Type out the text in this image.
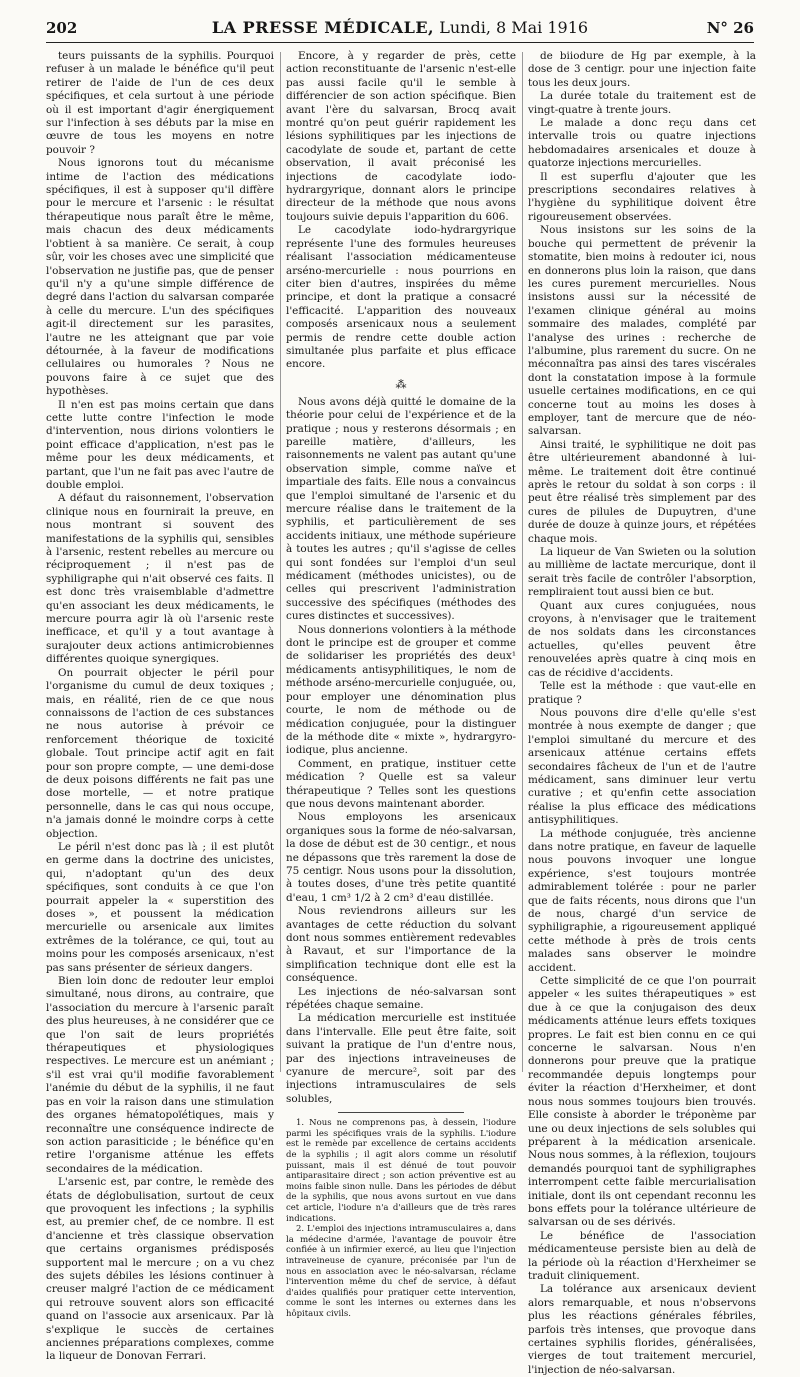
202	LA PRESSE MÉDICALE, Lundi, 8 Mai 1916	N° 26

teurs puissants de la syphilis. Pourquoi refuser à un malade le bénéfice qu'il peut retirer de l'aide de l'un de ces deux spécifiques, et cela surtout à une période où il est important d'agir énergiquement sur l'infection à ses débuts par la mise en œuvre de tous les moyens en notre pouvoir ?

Nous ignorons tout du mécanisme intime de l'action des médications spécifiques, il est à supposer qu'il diffère pour le mercure et l'arsenic : le résultat thérapeutique nous paraît être le même, mais chacun des deux médicaments l'obtient à sa manière. Ce serait, à coup sûr, voir les choses avec une simplicité que l'observation ne justifie pas, que de penser qu'il n'y a qu'une simple différence de degré dans l'action du salvarsan comparée à celle du mercure. L'un des spécifiques agit-il directement sur les parasites, l'autre ne les atteignant que par voie détournée, à la faveur de modifications cellulaires ou humorales ? Nous ne pouvons faire à ce sujet que des hypothèses.

Il n'en est pas moins certain que dans cette lutte contre l'infection le mode d'intervention, nous dirions volontiers le point efficace d'application, n'est pas le même pour les deux médicaments, et partant, que l'un ne fait pas avec l'autre de double emploi.

A défaut du raisonnement, l'observation clinique nous en fournirait la preuve, en nous montrant si souvent des manifestations de la syphilis qui, sensibles à l'arsenic, restent rebelles au mercure ou réciproquement ; il n'est pas de syphiligraphe qui n'ait observé ces faits. Il est donc très vraisemblable d'admettre qu'en associant les deux médicaments, le mercure pourra agir là où l'arsenic reste inefficace, et qu'il y a tout avantage à surajouter deux actions antimicrobiennes différentes quoique synergiques.

On pourrait objecter le péril pour l'organisme du cumul de deux toxiques ; mais, en réalité, rien de ce que nous connaissons de l'action de ces substances ne nous autorise à prévoir ce renforcement théorique de toxicité globale. Tout principe actif agit en fait pour son propre compte, — une demi-dose de deux poisons différents ne fait pas une dose mortelle, — et notre pratique personnelle, dans le cas qui nous occupe, n'a jamais donné le moindre corps à cette objection.

Le péril n'est donc pas là ; il est plutôt en germe dans la doctrine des unicistes, qui, n'adoptant qu'un des deux spécifiques, sont conduits à ce que l'on pourrait appeler la « superstition des doses », et poussent la médication mercurielle ou arsenicale aux limites extrêmes de la tolérance, ce qui, tout au moins pour les composés arsenicaux, n'est pas sans présenter de sérieux dangers.

Bien loin donc de redouter leur emploi simultané, nous dirons, au contraire, que l'association du mercure à l'arsenic paraît des plus heureuses, à ne considérer que ce que l'on sait de leurs propriétés thérapeutiques et physiologiques respectives. Le mercure est un anémiant ; s'il est vrai qu'il modifie favorablement l'anémie du début de la syphilis, il ne faut pas en voir la raison dans une stimulation des organes hématopoïétiques, mais y reconnaître une conséquence indirecte de son action parasiticide ; le bénéfice qu'en retire l'organisme atténue les effets secondaires de la médication.

L'arsenic est, par contre, le remède des états de déglobulisation, surtout de ceux que provoquent les infections ; la syphilis est, au premier chef, de ce nombre. Il est d'ancienne et très classique observation que certains organismes prédisposés supportent mal le mercure ; on a vu chez des sujets débiles les lésions continuer à creuser malgré l'action de ce médicament qui retrouve souvent alors son efficacité quand on l'associe aux arsenicaux. Par là s'explique le succès de certaines anciennes préparations complexes, comme la liqueur de Donovan Ferrari.

Encore, à y regarder de près, cette action reconstituante de l'arsenic n'est-elle pas aussi facile qu'il le semble à différencier de son action spécifique. Bien avant l'ère du salvarsan, Brocq avait montré qu'on peut guérir rapidement les lésions syphilitiques par les injections de cacodylate de soude et, partant de cette observation, il avait préconisé les injections de cacodylate iodo-hydrargyrique, donnant alors le principe directeur de la méthode que nous avons toujours suivie depuis l'apparition du 606.

Le cacodylate iodo-hydrargyrique représente l'une des formules heureuses réalisant l'association médicamenteuse arséno-mercurielle : nous pourrions en citer bien d'autres, inspirées du même principe, et dont la pratique a consacré l'efficacité. L'apparition des nouveaux composés arsenicaux nous a seulement permis de rendre cette double action simultanée plus parfaite et plus efficace encore.

⁂

Nous avons déjà quitté le domaine de la théorie pour celui de l'expérience et de la pratique ; nous y resterons désormais ; en pareille matière, d'ailleurs, les raisonnements ne valent pas autant qu'une observation simple, comme naïve et impartiale des faits. Elle nous a convaincus que l'emploi simultané de l'arsenic et du mercure réalise dans le traitement de la syphilis, et particulièrement de ses accidents initiaux, une méthode supérieure à toutes les autres ; qu'il s'agisse de celles qui sont fondées sur l'emploi d'un seul médicament (méthodes unicistes), ou de celles qui prescrivent l'administration successive des spécifiques (méthodes des cures distinctes et successives).

Nous donnerions volontiers à la méthode dont le principe est de grouper et comme de solidariser les propriétés des deux¹ médicaments antisyphilitiques, le nom de méthode arséno-mercurielle conjuguée, ou, pour employer une dénomination plus courte, le nom de méthode ou de médication conjuguée, pour la distinguer de la méthode dite « mixte », hydrargyro-iodique, plus ancienne.

Comment, en pratique, instituer cette médication ? Quelle est sa valeur thérapeutique ? Telles sont les questions que nous devons maintenant aborder.

Nous employons les arsenicaux organiques sous la forme de néo-salvarsan, la dose de début est de 30 centigr., et nous ne dépassons que très rarement la dose de 75 centigr. Nous usons pour la dissolution, à toutes doses, d'une très petite quantité d'eau, 1 cm³ 1/2 à 2 cm³ d'eau distillée.

Nous reviendrons ailleurs sur les avantages de cette réduction du solvant dont nous sommes entièrement redevables à Ravaut, et sur l'importance de la simplification technique dont elle est la conséquence.

Les injections de néo-salvarsan sont répétées chaque semaine.

La médication mercurielle est instituée dans l'intervalle. Elle peut être faite, soit suivant la pratique de l'un d'entre nous, par des injections intraveineuses de cyanure de mercure², soit par des injections intramusculaires de sels solubles,

1. Nous ne comprenons pas, à dessein, l'iodure parmi les spécifiques vrais de la syphilis. L'iodure est le remède par excellence de certains accidents de la syphilis ; il agit alors comme un résolutif puissant, mais il est dénué de tout pouvoir antiparasitaire direct ; son action préventive est au moins faible sinon nulle. Dans les périodes de début de la syphilis, que nous avons surtout en vue dans cet article, l'iodure n'a d'ailleurs que de très rares indications.

2. L'emploi des injections intramusculaires a, dans la médecine d'armée, l'avantage de pouvoir être confiée à un infirmier exercé, au lieu que l'injection intraveineuse de cyanure, préconisée par l'un de nous en association avec le néo-salvarsan, réclame l'intervention même du chef de service, à défaut d'aides qualifiés pour pratiquer cette intervention, comme le sont les internes ou externes dans les hôpitaux civils.

de biiodure de Hg par exemple, à la dose de 3 centigr. pour une injection faite tous les deux jours.

La durée totale du traitement est de vingt-quatre à trente jours.

Le malade a donc reçu dans cet intervalle trois ou quatre injections hebdomadaires arsenicales et douze à quatorze injections mercurielles.

Il est superflu d'ajouter que les prescriptions secondaires relatives à l'hygiène du syphilitique doivent être rigoureusement observées.

Nous insistons sur les soins de la bouche qui permettent de prévenir la stomatite, bien moins à redouter ici, nous en donnerons plus loin la raison, que dans les cures purement mercurielles. Nous insistons aussi sur la nécessité de l'examen clinique général au moins sommaire des malades, complété par l'analyse des urines : recherche de l'albumine, plus rarement du sucre. On ne méconnaîtra pas ainsi des tares viscérales dont la constatation impose à la formule usuelle certaines modifications, en ce qui concerne tout au moins les doses à employer, tant de mercure que de néo-salvarsan.

Ainsi traité, le syphilitique ne doit pas être ultérieurement abandonné à lui-même. Le traitement doit être continué après le retour du soldat à son corps : il peut être réalisé très simplement par des cures de pilules de Dupuytren, d'une durée de douze à quinze jours, et répétées chaque mois.

La liqueur de Van Swieten ou la solution au millième de lactate mercurique, dont il serait très facile de contrôler l'absorption, rempliraient tout aussi bien ce but.

Quant aux cures conjuguées, nous croyons, à n'envisager que le traitement de nos soldats dans les circonstances actuelles, qu'elles peuvent être renouvelées après quatre à cinq mois en cas de récidive d'accidents.

Telle est la méthode : que vaut-elle en pratique ?

Nous pouvons dire d'elle qu'elle s'est montrée à nous exempte de danger ; que l'emploi simultané du mercure et des arsenicaux atténue certains effets secondaires fâcheux de l'un et de l'autre médicament, sans diminuer leur vertu curative ; et qu'enfin cette association réalise la plus efficace des médications antisyphilitiques.

La méthode conjuguée, très ancienne dans notre pratique, en faveur de laquelle nous pouvons invoquer une longue expérience, s'est toujours montrée admirablement tolérée : pour ne parler que de faits récents, nous dirons que l'un de nous, chargé d'un service de syphiligraphie, a rigoureusement appliqué cette méthode à près de trois cents malades sans observer le moindre accident.

Cette simplicité de ce que l'on pourrait appeler « les suites thérapeutiques » est due à ce que la conjugaison des deux médicaments atténue leurs effets toxiques propres. Le fait est bien connu en ce qui concerne le salvarsan. Nous n'en donnerons pour preuve que la pratique recommandée depuis longtemps pour éviter la réaction d'Herxheimer, et dont nous nous sommes toujours bien trouvés. Elle consiste à aborder le tréponème par une ou deux injections de sels solubles qui préparent à la médication arsenicale. Nous nous sommes, à la réflexion, toujours demandés pourquoi tant de syphiligraphes interrompent cette faible mercurialisation initiale, dont ils ont cependant reconnu les bons effets pour la tolérance ultérieure de salvarsan ou de ses dérivés.

Le bénéfice de l'association médicamenteuse persiste bien au delà de la période où la réaction d'Herxheimer se traduit cliniquement.

La tolérance aux arsenicaux devient alors remarquable, et nous n'observons plus les réactions générales fébriles, parfois très intenses, que provoque dans certaines syphilis florides, généralisées, vierges de tout traitement mercuriel, l'injection de néo-salvarsan.
